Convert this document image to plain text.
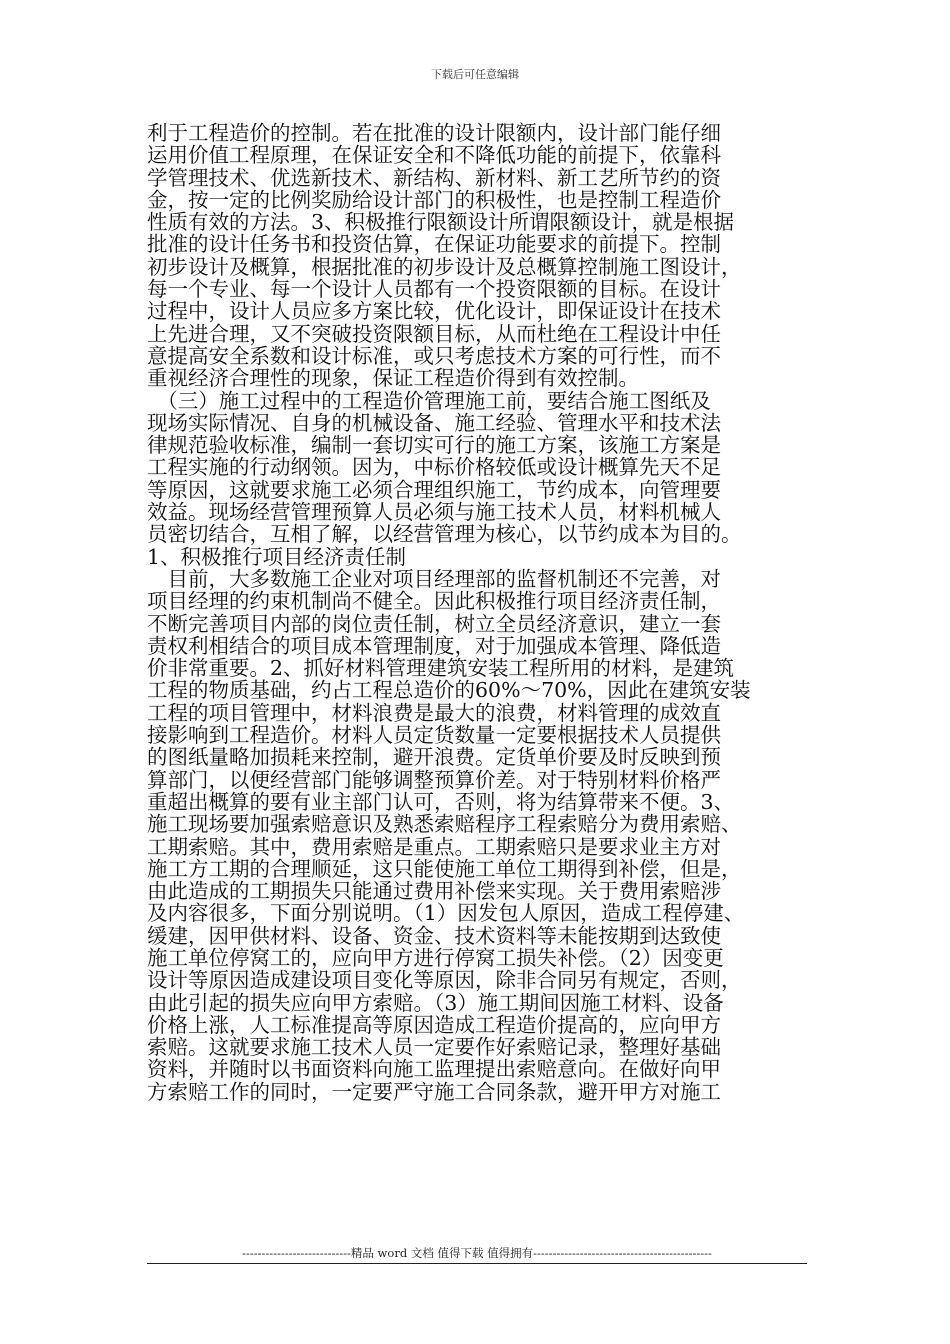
下载后可任意编辑
利于工程造价的控制。若在批准的设计限额内，设计部门能仔细
运用价值工程原理，在保证安全和不降低功能的前提下，依靠科
学管理技术、优选新技术、新结构、新材料、新工艺所节约的资
金，按一定的比例奖励给设计部门的积极性，也是控制工程造价
性质有效的方法。3、积极推行限额设计所谓限额设计，就是根据
批准的设计任务书和投资估算，在保证功能要求的前提下。控制
初步设计及概算，根据批准的初步设计及总概算控制施工图设计，
每一个专业、每一个设计人员都有一个投资限额的目标。在设计
过程中，设计人员应多方案比较，优化设计，即保证设计在技术
上先进合理，又不突破投资限额目标，从而杜绝在工程设计中任
意提高安全系数和设计标准，或只考虑技术方案的可行性，而不
重视经济合理性的现象，保证工程造价得到有效控制。
　（三）施工过程中的工程造价管理施工前，要结合施工图纸及
现场实际情况、自身的机械设备、施工经验、管理水平和技术法
律规范验收标准，编制一套切实可行的施工方案，该施工方案是
工程实施的行动纲领。因为，中标价格较低或设计概算先天不足
等原因，这就要求施工必须合理组织施工，节约成本，向管理要
效益。现场经营管理预算人员必须与施工技术人员，材料机械人
员密切结合，互相了解，以经营管理为核心，以节约成本为目的。
1、积极推行项目经济责任制
　目前，大多数施工企业对项目经理部的监督机制还不完善，对
项目经理的约束机制尚不健全。因此积极推行项目经济责任制，
不断完善项目内部的岗位责任制，树立全员经济意识，建立一套
责权利相结合的项目成本管理制度，对于加强成本管理、降低造
价非常重要。2、抓好材料管理建筑安装工程所用的材料，是建筑
工程的物质基础，约占工程总造价的60%～70%，因此在建筑安装
工程的项目管理中，材料浪费是最大的浪费，材料管理的成效直
接影响到工程造价。材料人员定货数量一定要根据技术人员提供
的图纸量略加损耗来控制，避开浪费。定货单价要及时反映到预
算部门，以便经营部门能够调整预算价差。对于特别材料价格严
重超出概算的要有业主部门认可，否则，将为结算带来不便。3、
施工现场要加强索赔意识及熟悉索赔程序工程索赔分为费用索赔、
工期索赔。其中，费用索赔是重点。工期索赔只是要求业主方对
施工方工期的合理顺延，这只能使施工单位工期得到补偿，但是，
由此造成的工期损失只能通过费用补偿来实现。关于费用索赔涉
及内容很多，下面分别说明。（1）因发包人原因，造成工程停建、
缓建，因甲供材料、设备、资金、技术资料等未能按期到达致使
施工单位停窝工的，应向甲方进行停窝工损失补偿。（2）因变更
设计等原因造成建设项目变化等原因，除非合同另有规定，否则，
由此引起的损失应向甲方索赔。（3）施工期间因施工材料、设备
价格上涨，人工标准提高等原因造成工程造价提高的，应向甲方
索赔。这就要求施工技术人员一定要作好索赔记录，整理好基础
资料，并随时以书面资料向施工监理提出索赔意向。在做好向甲
方索赔工作的同时，一定要严守施工合同条款，避开甲方对施工
----------------------------精品 word 文档 值得下载 值得拥有----------------------------------------------
